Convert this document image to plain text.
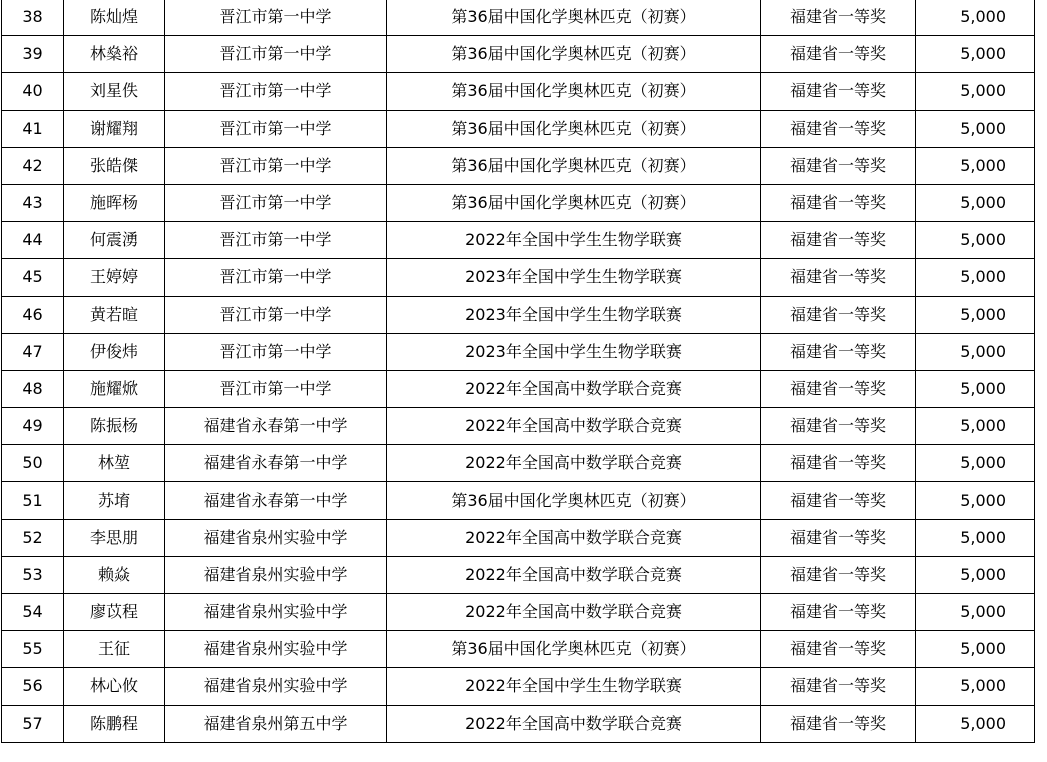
38	陈灿煌	晋江市第一中学	第36届中国化学奥林匹克（初赛）	福建省一等奖	5,000
39	林燊裕	晋江市第一中学	第36届中国化学奥林匹克（初赛）	福建省一等奖	5,000
40	刘星佚	晋江市第一中学	第36届中国化学奥林匹克（初赛）	福建省一等奖	5,000
41	谢耀翔	晋江市第一中学	第36届中国化学奥林匹克（初赛）	福建省一等奖	5,000
42	张皓傑	晋江市第一中学	第36届中国化学奥林匹克（初赛）	福建省一等奖	5,000
43	施晖杨	晋江市第一中学	第36届中国化学奥林匹克（初赛）	福建省一等奖	5,000
44	何震湧	晋江市第一中学	2022年全国中学生生物学联赛	福建省一等奖	5,000
45	王婷婷	晋江市第一中学	2023年全国中学生生物学联赛	福建省一等奖	5,000
46	黄若暄	晋江市第一中学	2023年全国中学生生物学联赛	福建省一等奖	5,000
47	伊俊炜	晋江市第一中学	2023年全国中学生生物学联赛	福建省一等奖	5,000
48	施耀焮	晋江市第一中学	2022年全国高中数学联合竞赛	福建省一等奖	5,000
49	陈振杨	福建省永春第一中学	2022年全国高中数学联合竞赛	福建省一等奖	5,000
50	林堃	福建省永春第一中学	2022年全国高中数学联合竞赛	福建省一等奖	5,000
51	苏堉	福建省永春第一中学	第36届中国化学奥林匹克（初赛）	福建省一等奖	5,000
52	李思朋	福建省泉州实验中学	2022年全国高中数学联合竞赛	福建省一等奖	5,000
53	赖焱	福建省泉州实验中学	2022年全国高中数学联合竞赛	福建省一等奖	5,000
54	廖苡程	福建省泉州实验中学	2022年全国高中数学联合竞赛	福建省一等奖	5,000
55	王征	福建省泉州实验中学	第36届中国化学奥林匹克（初赛）	福建省一等奖	5,000
56	林心攸	福建省泉州实验中学	2022年全国中学生生物学联赛	福建省一等奖	5,000
57	陈鹏程	福建省泉州第五中学	2022年全国高中数学联合竞赛	福建省一等奖	5,000
